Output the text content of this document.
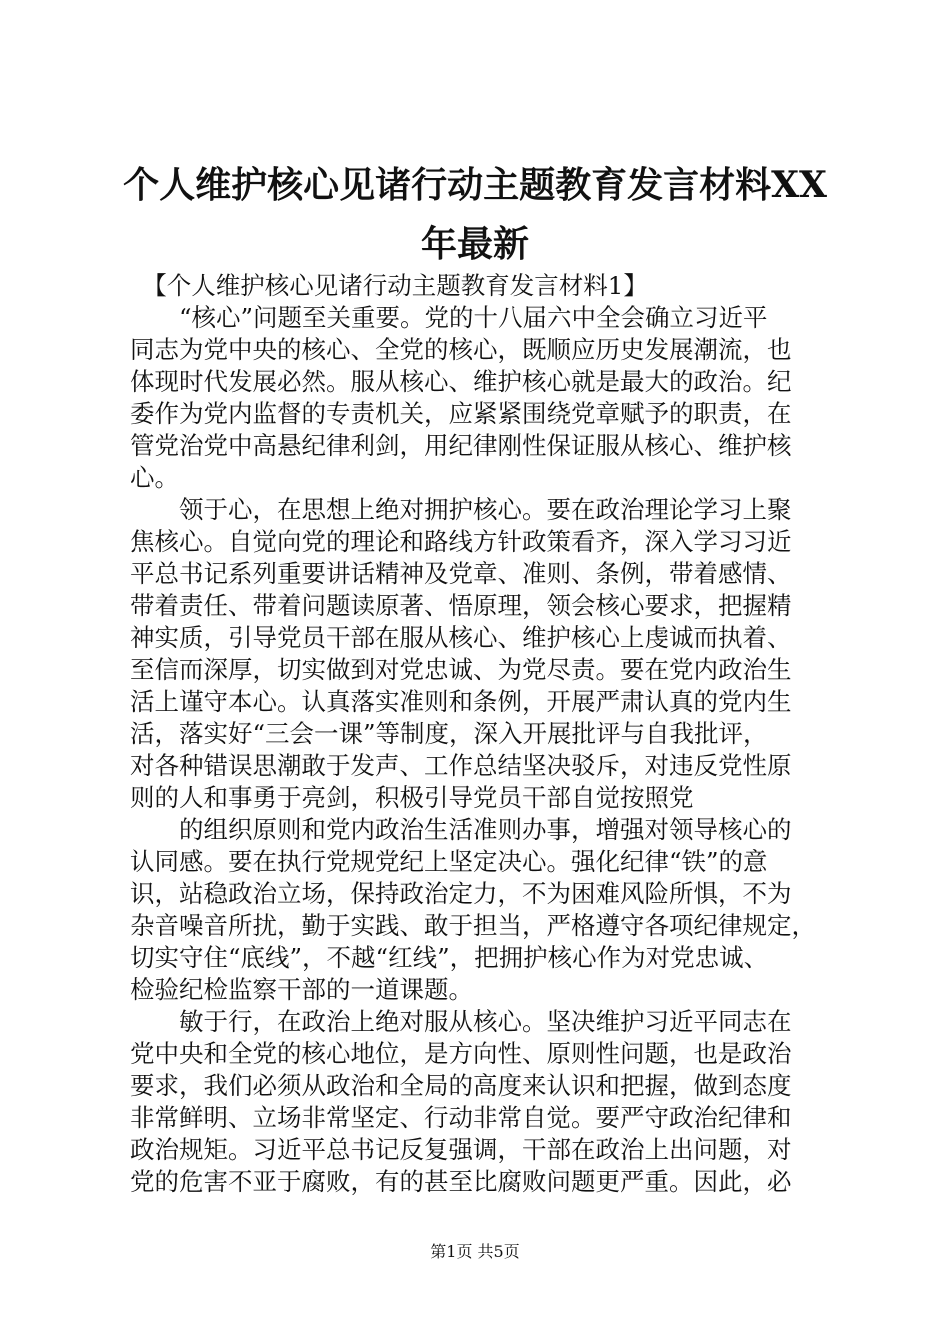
个人维护核心见诸行动主题教育发言材料XX
年最新
　【个人维护核心见诸行动主题教育发言材料1】
　　“核心”问题至关重要。党的十八届六中全会确立习近平
同志为党中央的核心、全党的核心，既顺应历史发展潮流，也
体现时代发展必然。服从核心、维护核心就是最大的政治。纪
委作为党内监督的专责机关，应紧紧围绕党章赋予的职责，在
管党治党中高悬纪律利剑，用纪律刚性保证服从核心、维护核
心。
　　领于心，在思想上绝对拥护核心。要在政治理论学习上聚
焦核心。自觉向党的理论和路线方针政策看齐，深入学习习近
平总书记系列重要讲话精神及党章、准则、条例，带着感情、
带着责任、带着问题读原著、悟原理，领会核心要求，把握精
神实质，引导党员干部在服从核心、维护核心上虔诚而执着、
至信而深厚，切实做到对党忠诚、为党尽责。要在党内政治生
活上谨守本心。认真落实准则和条例，开展严肃认真的党内生
活，落实好“三会一课”等制度，深入开展批评与自我批评，
对各种错误思潮敢于发声、工作总结坚决驳斥，对违反党性原
则的人和事勇于亮剑，积极引导党员干部自觉按照党
　　的组织原则和党内政治生活准则办事，增强对领导核心的
认同感。要在执行党规党纪上坚定决心。强化纪律“铁”的意
识，站稳政治立场，保持政治定力，不为困难风险所惧，不为
杂音噪音所扰，勤于实践、敢于担当，严格遵守各项纪律规定，
切实守住“底线”，不越“红线”，把拥护核心作为对党忠诚、
检验纪检监察干部的一道课题。
　　敏于行，在政治上绝对服从核心。坚决维护习近平同志在
党中央和全党的核心地位，是方向性、原则性问题，也是政治
要求，我们必须从政治和全局的高度来认识和把握，做到态度
非常鲜明、立场非常坚定、行动非常自觉。要严守政治纪律和
政治规矩。习近平总书记反复强调，干部在政治上出问题，对
党的危害不亚于腐败，有的甚至比腐败问题更严重。因此，必
第1页 共5页
